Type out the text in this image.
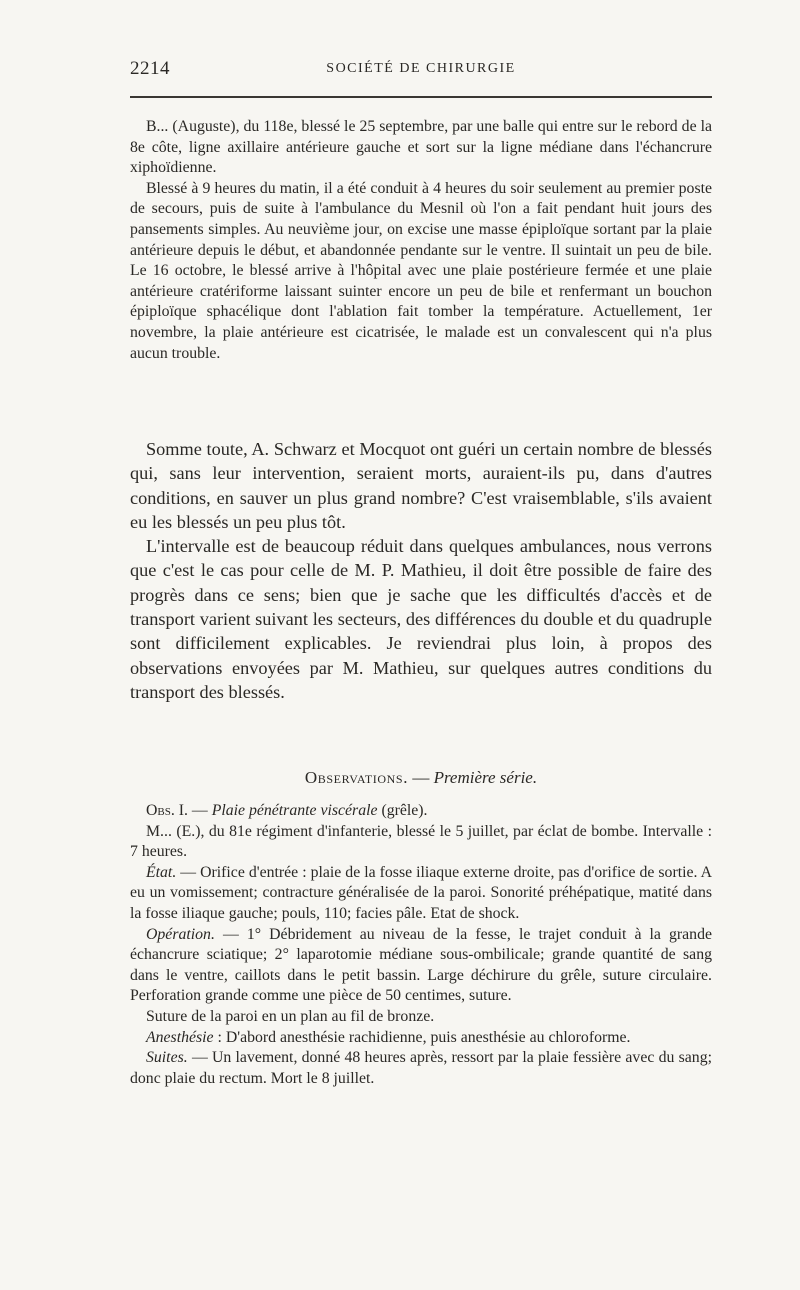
2214	SOCIÉTÉ DE CHIRURGIE

B... (Auguste), du 118e, blessé le 25 septembre, par une balle qui entre sur le rebord de la 8e côte, ligne axillaire antérieure gauche et sort sur la ligne médiane dans l'échancrure xiphoïdienne.

Blessé à 9 heures du matin, il a été conduit à 4 heures du soir seulement au premier poste de secours, puis de suite à l'ambulance du Mesnil où l'on a fait pendant huit jours des pansements simples. Au neuvième jour, on excise une masse épiploïque sortant par la plaie antérieure depuis le début, et abandonnée pendante sur le ventre. Il suintait un peu de bile. Le 16 octobre, le blessé arrive à l'hôpital avec une plaie postérieure fermée et une plaie antérieure cratériforme laissant suinter encore un peu de bile et renfermant un bouchon épiploïque sphacélique dont l'ablation fait tomber la température. Actuellement, 1er novembre, la plaie antérieure est cicatrisée, le malade est un convalescent qui n'a plus aucun trouble.

Somme toute, A. Schwarz et Mocquot ont guéri un certain nombre de blessés qui, sans leur intervention, seraient morts, auraient-ils pu, dans d'autres conditions, en sauver un plus grand nombre? C'est vraisemblable, s'ils avaient eu les blessés un peu plus tôt.

L'intervalle est de beaucoup réduit dans quelques ambulances, nous verrons que c'est le cas pour celle de M. P. Mathieu, il doit être possible de faire des progrès dans ce sens; bien que je sache que les difficultés d'accès et de transport varient suivant les secteurs, des différences du double et du quadruple sont difficilement explicables. Je reviendrai plus loin, à propos des observations envoyées par M. Mathieu, sur quelques autres conditions du transport des blessés.

Observations. — Première série.

Obs. I. — Plaie pénétrante viscérale (grêle).

M... (E.), du 81e régiment d'infanterie, blessé le 5 juillet, par éclat de bombe. Intervalle : 7 heures.

État. — Orifice d'entrée : plaie de la fosse iliaque externe droite, pas d'orifice de sortie. A eu un vomissement; contracture généralisée de la paroi. Sonorité préhépatique, matité dans la fosse iliaque gauche; pouls, 110; facies pâle. Etat de shock.

Opération. — 1° Débridement au niveau de la fesse, le trajet conduit à la grande échancrure sciatique; 2° laparotomie médiane sous-ombilicale; grande quantité de sang dans le ventre, caillots dans le petit bassin. Large déchirure du grêle, suture circulaire. Perforation grande comme une pièce de 50 centimes, suture.

Suture de la paroi en un plan au fil de bronze.

Anesthésie : D'abord anesthésie rachidienne, puis anesthésie au chloroforme.

Suites. — Un lavement, donné 48 heures après, ressort par la plaie fessière avec du sang; donc plaie du rectum. Mort le 8 juillet.
